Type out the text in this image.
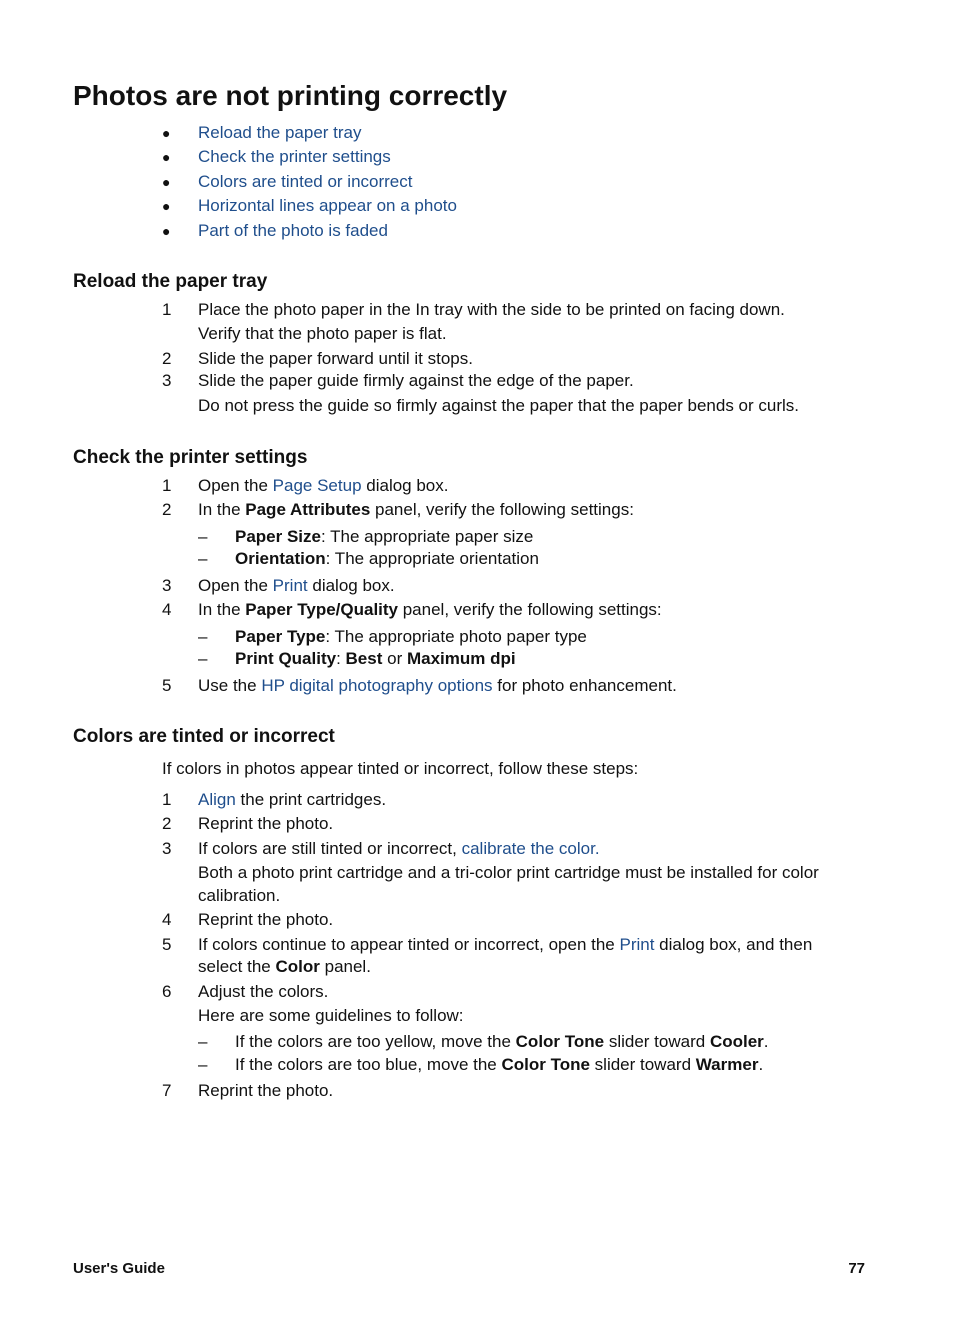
Photos are not printing correctly
● Reload the paper tray
● Check the printer settings
● Colors are tinted or incorrect
● Horizontal lines appear on a photo
● Part of the photo is faded
Reload the paper tray
1 Place the photo paper in the In tray with the side to be printed on facing down.
Verify that the photo paper is flat.
2 Slide the paper forward until it stops.
3 Slide the paper guide firmly against the edge of the paper.
Do not press the guide so firmly against the paper that the paper bends or curls.
Check the printer settings
1 Open the Page Setup dialog box.
2 In the Page Attributes panel, verify the following settings:
– Paper Size: The appropriate paper size
– Orientation: The appropriate orientation
3 Open the Print dialog box.
4 In the Paper Type/Quality panel, verify the following settings:
– Paper Type: The appropriate photo paper type
– Print Quality: Best or Maximum dpi
5 Use the HP digital photography options for photo enhancement.
Colors are tinted or incorrect
If colors in photos appear tinted or incorrect, follow these steps:
1 Align the print cartridges.
2 Reprint the photo.
3 If colors are still tinted or incorrect, calibrate the color.
Both a photo print cartridge and a tri-color print cartridge must be installed for color
calibration.
4 Reprint the photo.
5 If colors continue to appear tinted or incorrect, open the Print dialog box, and then
select the Color panel.
6 Adjust the colors.
Here are some guidelines to follow:
– If the colors are too yellow, move the Color Tone slider toward Cooler.
– If the colors are too blue, move the Color Tone slider toward Warmer.
7 Reprint the photo.
User's Guide	77
